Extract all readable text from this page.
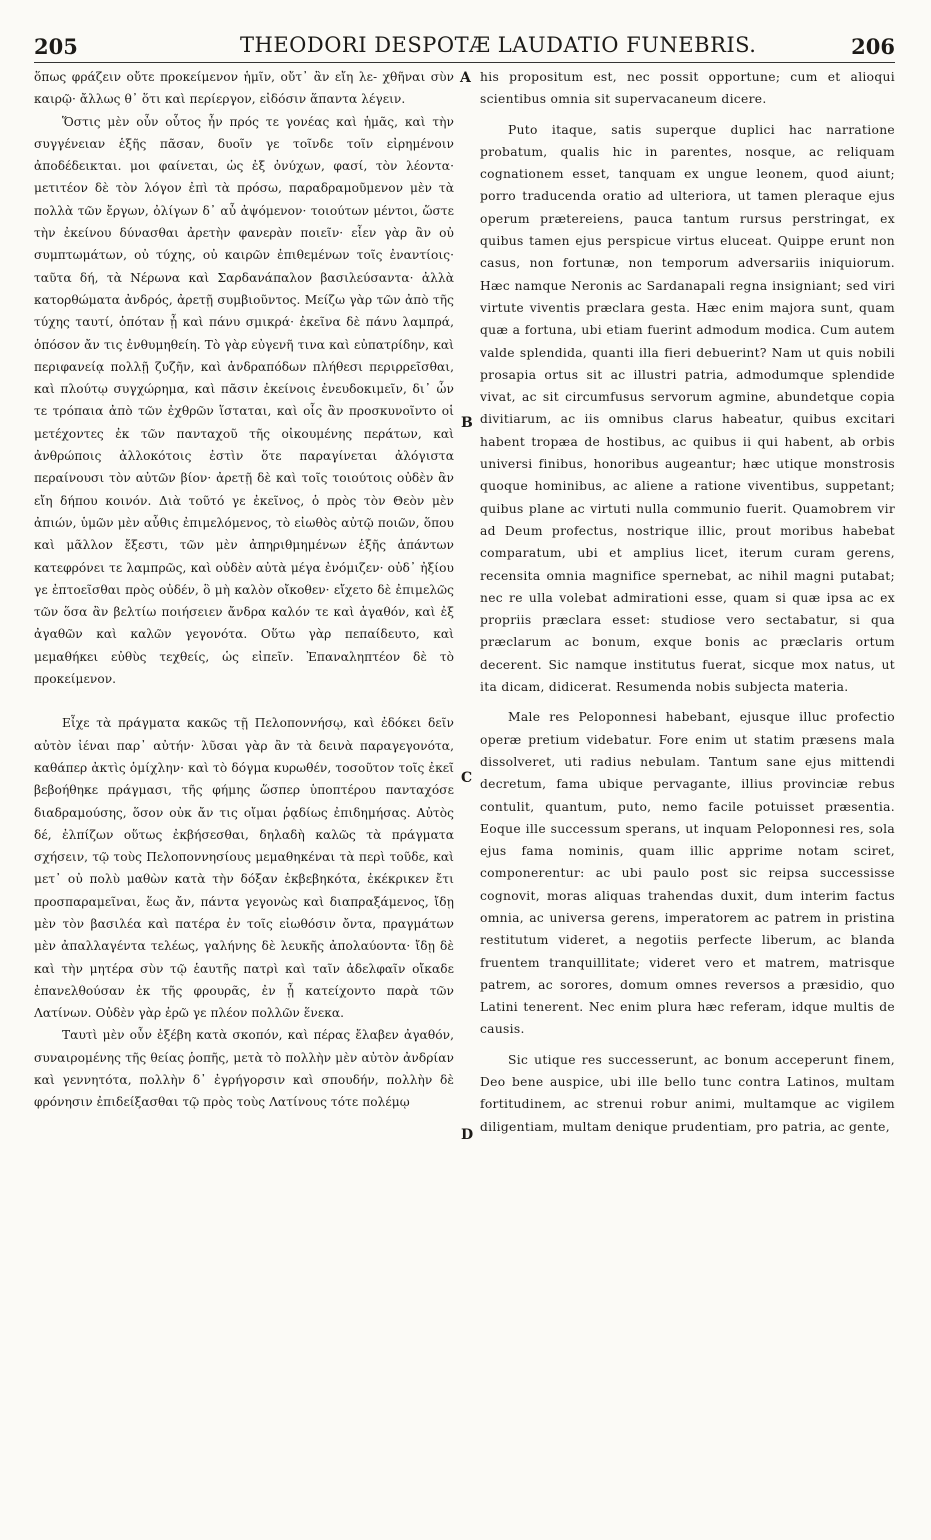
205	THEODORI DESPOTÆ LAUDATIO FUNEBRIS.	206

ὅπως φράζειν οὔτε προκείμενον ἡμῖν, οὔτ᾽ ἂν εἴη λε- χθῆναι σὺν καιρῷ· ἄλλως θ᾽ ὅτι καὶ περίεργον, εἰδόσιν ἅπαντα λέγειν.

Ὅστις μὲν οὖν οὗτος ἦν πρός τε γονέας καὶ ἡμᾶς, καὶ τὴν συγγένειαν ἑξῆς πᾶσαν, δυοῖν γε τοῖνδε τοῖν εἰρημένοιν ἀποδέδεικται. μοι φαίνεται, ὡς ἐξ ὀνύχων, φασί, τὸν λέοντα· μετιτέον δὲ τὸν λόγον ἐπὶ τὰ πρόσω, παραδραμοῦμενον μὲν τὰ πολλὰ τῶν ἔργων, ὀλίγων δ᾽ αὖ ἀψόμενον· τοιούτων μέντοι, ὥστε τὴν ἐκείνου δύνασθαι ἀρετὴν φανερὰν ποιεῖν· εἶεν γὰρ ἂν οὐ συμπτωμάτων, οὐ τύχης, οὐ καιρῶν ἐπιθεμένων τοῖς ἐναντίοις· ταῦτα δή, τὰ Νέρωνα καὶ Σαρδανάπαλον βασιλεύσαντα· ἀλλὰ κατορθώματα ἀνδρός, ἀρετῇ συμβιοῦντος. Μείζω γὰρ τῶν ἀπὸ τῆς τύχης ταυτί, ὁπόταν ᾖ καὶ πάνυ σμικρά· ἐκεῖνα δὲ πάνυ λαμπρά, ὁπόσον ἄν τις ἐνθυμηθείη. Τὸ γὰρ εὐγενῆ τινα καὶ εὐπατρίδην, καὶ περιφανείᾳ πολλῇ ζυζῆν, καὶ ἀνδραπόδων πλήθεσι περιρρεῖσθαι, καὶ πλούτῳ συγχώρημα, καὶ πᾶσιν ἐκείνοις ἐνευδοκιμεῖν, δι᾽ ὧν τε τρόπαια ἀπὸ τῶν ἐχθρῶν ἵσταται, καὶ οἷς ἂν προσκυνοῖντο οἱ μετέχοντες ἐκ τῶν πανταχοῦ τῆς οἰκουμένης περάτων, καὶ ἀνθρώποις ἀλλοκότοις ἐστὶν ὅτε παραγίνεται ἀλόγιστα περαίνουσι τὸν αὐτῶν βίον· ἀρετῇ δὲ καὶ τοῖς τοιούτοις οὐδὲν ἂν εἴη δήπου κοινόν. Διὰ τοῦτό γε ἐκεῖνος, ὁ πρὸς τὸν Θεὸν μὲν ἀπιών, ὑμῶν μὲν αὖθις ἐπιμελόμενος, τὸ εἰωθὸς αὐτῷ ποιῶν, ὅπου καὶ μᾶλλον ἔξεστι, τῶν μὲν ἀπηριθμημένων ἑξῆς ἁπάντων κατεφρόνει τε λαμπρῶς, καὶ οὐδὲν αὐτὰ μέγα ἐνόμιζεν· οὐδ᾽ ἠξίου γε ἐπτοεῖσθαι πρὸς οὐδέν, ὃ μὴ καλὸν οἴκοθεν· εἴχετο δὲ ἐπιμελῶς τῶν ὅσα ἂν βελτίω ποιήσειεν ἄνδρα καλόν τε καὶ ἀγαθόν, καὶ ἐξ ἀγαθῶν καὶ καλῶν γεγονότα. Οὕτω γὰρ πεπαίδευτο, καὶ μεμαθήκει εὐθὺς τεχθείς, ὡς εἰπεῖν. Ἐπαναληπτέον δὲ τὸ προκείμενον.

Εἶχε τὰ πράγματα κακῶς τῇ Πελοποννήσῳ, καὶ ἐδόκει δεῖν αὐτὸν ἰέναι παρ᾽ αὐτήν· λῦσαι γὰρ ἂν τὰ δεινὰ παραγεγονότα, καθάπερ ἀκτὶς ὁμίχλην· καὶ τὸ δόγμα κυρωθέν, τοσοῦτον τοῖς ἐκεῖ βεβοήθηκε πράγμασι, τῆς φήμης ὥσπερ ὑποπτέρου πανταχόσε διαδραμούσης, ὅσον οὐκ ἄν τις οἴμαι ῥᾳδίως ἐπιδημήσας. Αὐτὸς δέ, ἐλπίζων οὕτως ἐκβήσεσθαι, δηλαδὴ καλῶς τὰ πράγματα σχήσειν, τῷ τοὺς Πελοποννησίους μεμαθηκέναι τὰ περὶ τοῦδε, καὶ μετ᾽ οὐ πολὺ μαθὼν κατὰ τὴν δόξαν ἐκβεβηκότα, ἐκέκρικεν ἔτι προσπαραμεῖναι, ἕως ἄν, πάντα γεγονὼς καὶ διαπραξάμενος, ἴδῃ μὲν τὸν βασιλέα καὶ πατέρα ἐν τοῖς εἰωθόσιν ὄντα, πραγμάτων μὲν ἀπαλλαγέντα τελέως, γαλήνης δὲ λευκῆς ἀπολαύοντα· ἴδῃ δὲ καὶ τὴν μητέρα σὺν τῷ ἑαυτῆς πατρὶ καὶ ταῖν ἀδελφαῖν οἴκαδε ἐπανελθούσαν ἐκ τῆς φρουρᾶς, ἐν ᾗ κατείχοντο παρὰ τῶν Λατίνων. Οὐδὲν γὰρ ἐρῶ γε πλέον πολλῶν ἕνεκα.

Ταυτὶ μὲν οὖν ἐξέβη κατὰ σκοπόν, καὶ πέρας ἔλαβεν ἀγαθόν, συναιρομένης τῆς θείας ῥοπῆς, μετὰ τὸ πολλὴν μὲν αὐτὸν ἀνδρίαν καὶ γεννητότα, πολλὴν δ᾽ ἐγρήγορσιν καὶ σπουδήν, πολλὴν δὲ φρόνησιν ἐπιδείξασθαι τῷ πρὸς τοὺς Λατίνους τότε πολέμῳ

A
B
C
D

his propositum est, nec possit opportune; cum et alioqui scientibus omnia sit supervacaneum dicere.

Puto itaque, satis superque duplici hac narratione probatum, qualis hic in parentes, nosque, ac reliquam cognationem esset, tanquam ex ungue leonem, quod aiunt; porro traducenda oratio ad ulteriora, ut tamen pleraque ejus operum prætereiens, pauca tantum rursus perstringat, ex quibus tamen ejus perspicue virtus eluceat. Quippe erunt non casus, non fortunæ, non temporum adversariis iniquiorum. Hæc namque Neronis ac Sardanapali regna insigniant; sed viri virtute viventis præclara gesta. Hæc enim majora sunt, quam quæ a fortuna, ubi etiam fuerint admodum modica. Cum autem valde splendida, quanti illa fieri debuerint? Nam ut quis nobili prosapia ortus sit ac illustri patria, admodumque splendide vivat, ac sit circumfusus servorum agmine, abundetque copia divitiarum, ac iis omnibus clarus habeatur, quibus excitari habent tropæa de hostibus, ac quibus ii qui habent, ab orbis universi finibus, honoribus augeantur; hæc utique monstrosis quoque hominibus, ac aliene a ratione viventibus, suppetant; quibus plane ac virtuti nulla communio fuerit. Quamobrem vir ad Deum profectus, nostrique illic, prout moribus habebat comparatum, ubi et amplius licet, iterum curam gerens, recensita omnia magnifice spernebat, ac nihil magni putabat; nec re ulla volebat admirationi esse, quam si quæ ipsa ac ex propriis præclara esset: studiose vero sectabatur, si qua præclarum ac bonum, exque bonis ac præclaris ortum decerent. Sic namque institutus fuerat, sicque mox natus, ut ita dicam, didicerat. Resumenda nobis subjecta materia.

Male res Peloponnesi habebant, ejusque illuc profectio operæ pretium videbatur. Fore enim ut statim præsens mala dissolveret, uti radius nebulam. Tantum sane ejus mittendi decretum, fama ubique pervagante, illius provinciæ rebus contulit, quantum, puto, nemo facile potuisset præsentia. Eoque ille successum sperans, ut inquam Peloponnesi res, sola ejus fama nominis, quam illic apprime notam sciret, componerentur: ac ubi paulo post sic reipsa successisse cognovit, moras aliquas trahendas duxit, dum interim factus omnia, ac universa gerens, imperatorem ac patrem in pristina restitutum videret, a negotiis perfecte liberum, ac blanda fruentem tranquillitate; videret vero et matrem, matrisque patrem, ac sorores, domum omnes reversos a præsidio, quo Latini tenerent. Nec enim plura hæc referam, idque multis de causis.

Sic utique res successerunt, ac bonum acceperunt finem, Deo bene auspice, ubi ille bello tunc contra Latinos, multam fortitudinem, ac strenui robur animi, multamque ac vigilem diligentiam, multam denique prudentiam, pro patria, ac gente,
